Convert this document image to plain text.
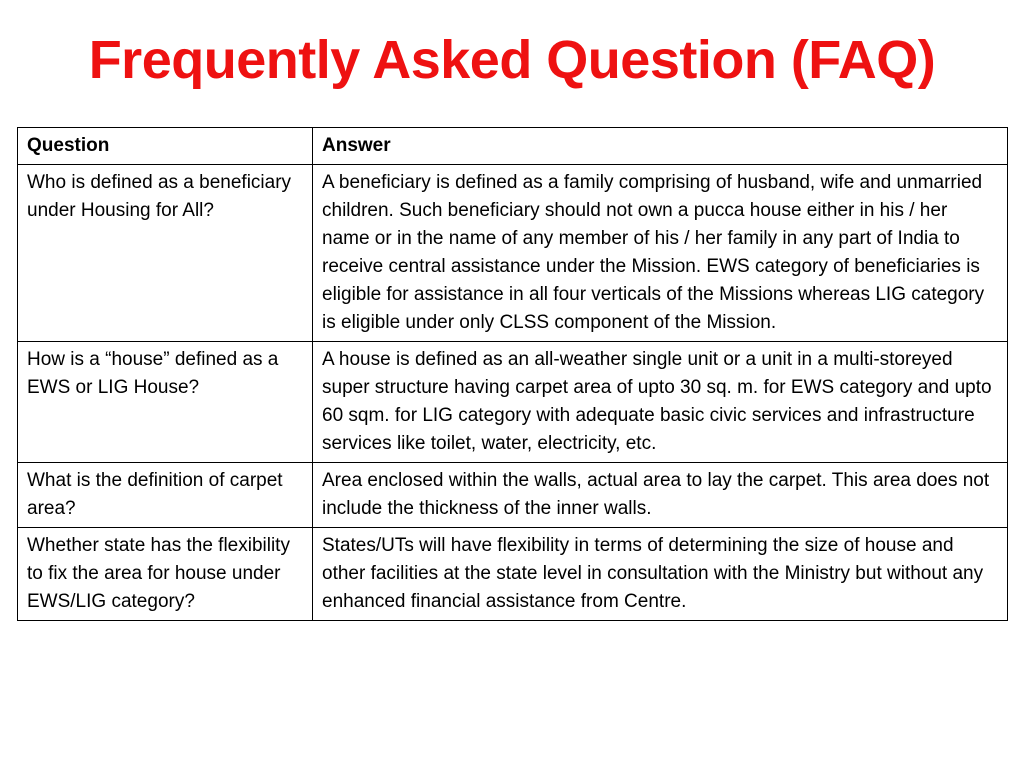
Frequently Asked Question (FAQ)
Question	Answer
Who is defined as a beneficiary under Housing for All?	A beneficiary is defined as a family comprising of husband, wife and unmarried children. Such beneficiary should not own a pucca house either in his / her name or in the name of any member of his / her family in any part of India to receive central assistance under the Mission. EWS category of beneficiaries is eligible for assistance in all four verticals of the Missions whereas LIG category is eligible under only CLSS component of the Mission.
How is a “house” defined as a EWS or LIG House?	A house is defined as an all-weather single unit or a unit in a multi-storeyed super structure having carpet area of upto 30 sq. m. for EWS category and upto 60 sqm. for LIG category with adequate basic civic services and infrastructure services like toilet, water, electricity, etc.
What is the definition of carpet area?	Area enclosed within the walls, actual area to lay the carpet. This area does not include the thickness of the inner walls.
Whether state has the flexibility to fix the area for house under EWS/LIG category?	States/UTs will have flexibility in terms of determining the size of house and other facilities at the state level in consultation with the Ministry but without any enhanced financial assistance from Centre.
